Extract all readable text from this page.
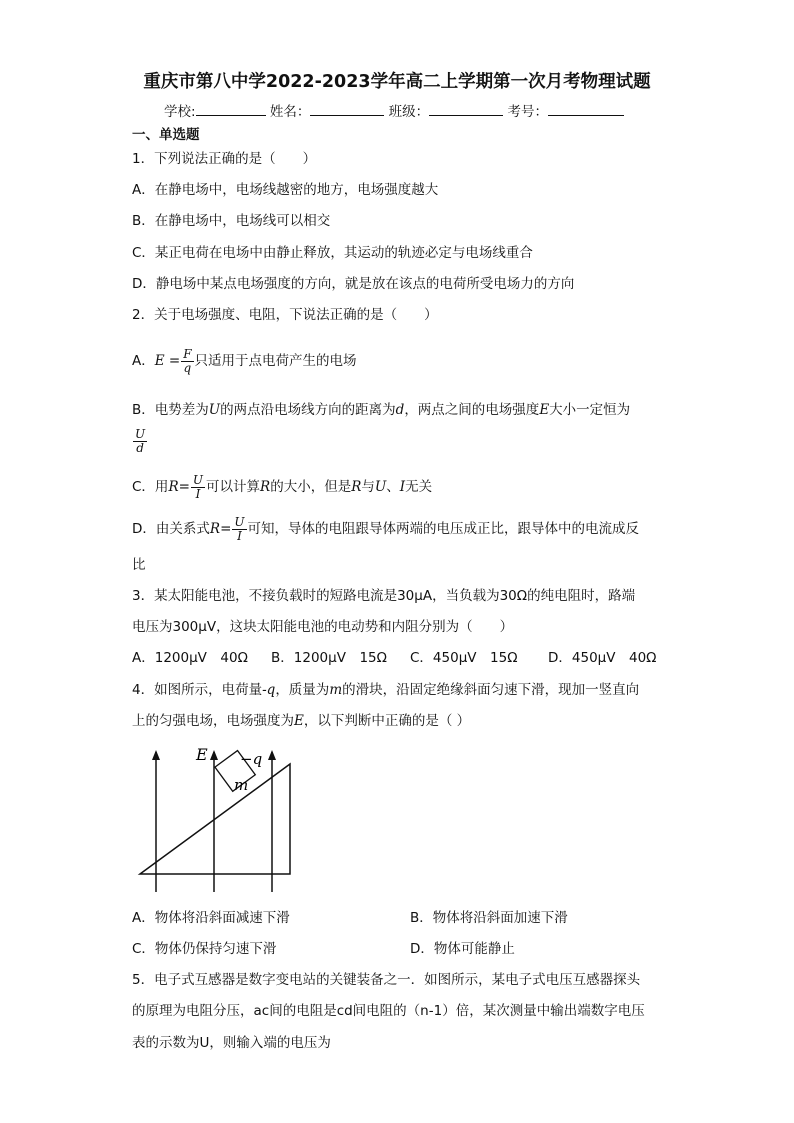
重庆市第八中学2022-2023学年高二上学期第一次月考物理试题
学校:	姓名：	班级：	考号：
一、单选题
1．下列说法正确的是（　　）
A．在静电场中，电场线越密的地方，电场强度越大
B．在静电场中，电场线可以相交
C．某正电荷在电场中由静止释放，其运动的轨迹必定与电场线重合
D．静电场中某点电场强度的方向，就是放在该点的电荷所受电场力的方向
2．关于电场强度、电阻，下说法正确的是（　　）
A．$E = \frac{F}{q}$ 只适用于点电荷产生的电场
B．电势差为U的两点沿电场线方向的距离为d，两点之间的电场强度E大小一定恒为
$\frac{U}{d}$
C．用$R= \frac{U}{I}$ 可以计算R的大小，但是R与U、I无关
D．由关系式$R= \frac{U}{I}$ 可知，导体的电阻跟导体两端的电压成正比，跟导体中的电流成反
比
3．某太阳能电池，不接负载时的短路电流是30μA，当负载为30Ω的纯电阻时，路端
电压为300μV，这块太阳能电池的电动势和内阻分别为（　　）
A．1200μV　40Ω B．1200μV　15Ω C．450μV　15Ω D．450μV　40Ω
4．如图所示，电荷量-q，质量为m的滑块，沿固定绝缘斜面匀速下滑，现加一竖直向
上的匀强电场，电场强度为E，以下判断中正确的是（ ）
m
−q
E
A．物体将沿斜面减速下滑	B．物体将沿斜面加速下滑
C．物体仍保持匀速下滑	D．物体可能静止
5．电子式互感器是数字变电站的关键装备之一．如图所示，某电子式电压互感器探头
的原理为电阻分压，ac间的电阻是cd间电阻的（n-1）倍，某次测量中输出端数字电压
表的示数为U，则输入端的电压为
